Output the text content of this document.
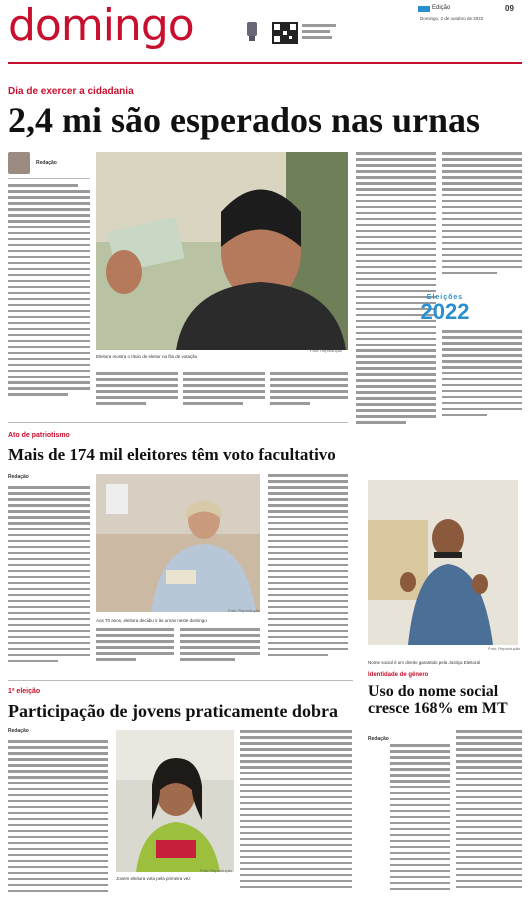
domingo	Edição	09
Domingo, 2 de outubro de 2022
Dia de exercer a cidadania
2,4 mi são esperados nas urnas
Redação
Eleitora mostra o título de eleitor na fila de votação
Foto: Reprodução
Eleições
2022
Ato de patriotismo
Mais de 174 mil eleitores têm voto facultativo
Redação
Aos 70 anos, eleitora decidiu ir às urnas neste domingo
Foto: Reprodução
Foto: Reprodução
Nome social é um direito garantido pela Justiça Eleitoral
Identidade de gênero
Uso do nome social cresce 168% em MT
Redação
1ª eleição
Participação de jovens praticamente dobra
Redação
Jovem eleitora vota pela primeira vez
Foto: Reprodução
